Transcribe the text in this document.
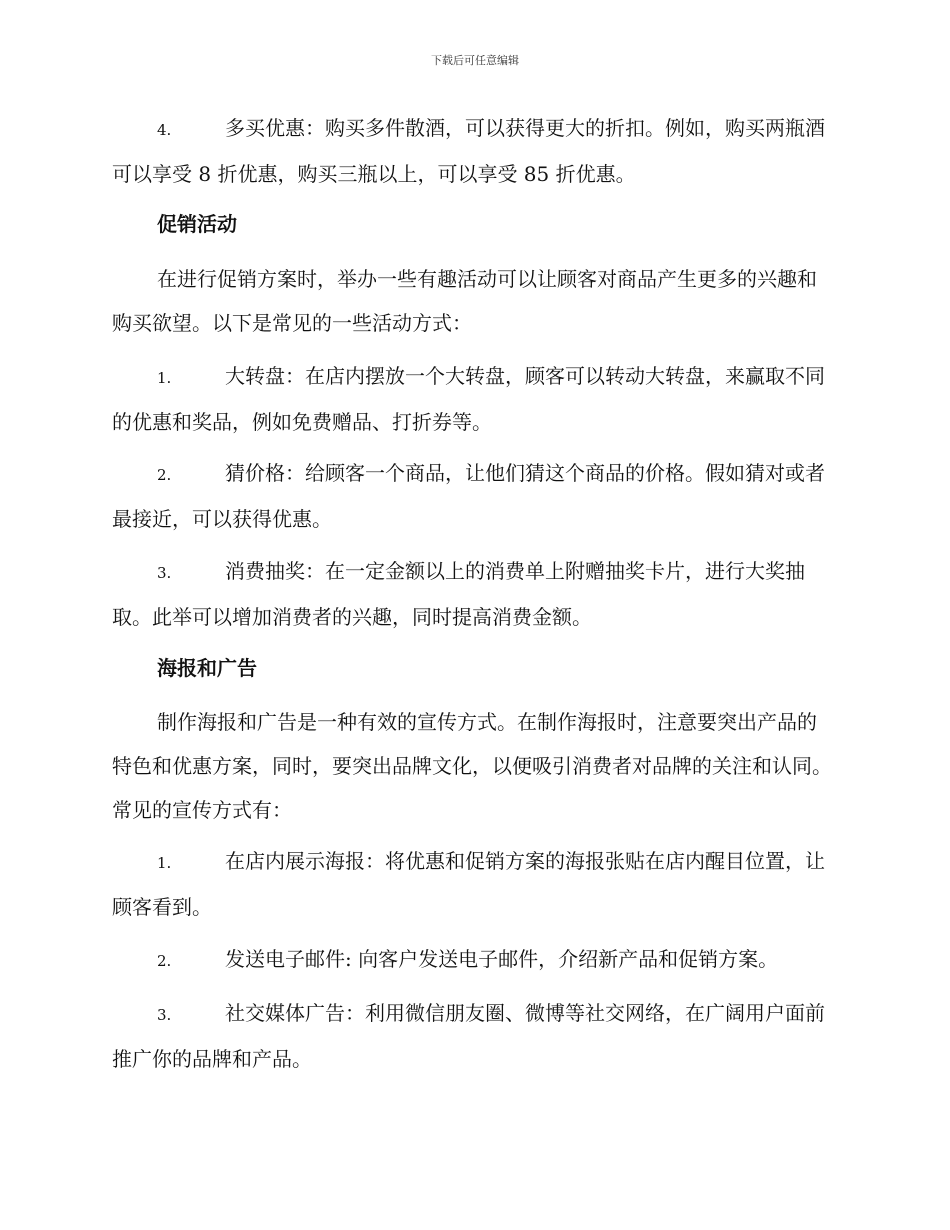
下载后可任意编辑
4.	多买优惠：购买多件散酒，可以获得更大的折扣。例如，购买两瓶酒可以享受 8 折优惠，购买三瓶以上，可以享受 85 折优惠。
促销活动
在进行促销方案时，举办一些有趣活动可以让顾客对商品产生更多的兴趣和购买欲望。以下是常见的一些活动方式：
1.	大转盘：在店内摆放一个大转盘，顾客可以转动大转盘，来赢取不同的优惠和奖品，例如免费赠品、打折券等。
2.	猜价格：给顾客一个商品，让他们猜这个商品的价格。假如猜对或者最接近，可以获得优惠。
3.	消费抽奖：在一定金额以上的消费单上附赠抽奖卡片，进行大奖抽取。此举可以增加消费者的兴趣，同时提高消费金额。
海报和广告
制作海报和广告是一种有效的宣传方式。在制作海报时，注意要突出产品的特色和优惠方案，同时，要突出品牌文化，以便吸引消费者对品牌的关注和认同。常见的宣传方式有：
1.	在店内展示海报：将优惠和促销方案的海报张贴在店内醒目位置，让顾客看到。
2.	发送电子邮件: 向客户发送电子邮件，介绍新产品和促销方案。
3.	社交媒体广告：利用微信朋友圈、微博等社交网络，在广阔用户面前推广你的品牌和产品。
